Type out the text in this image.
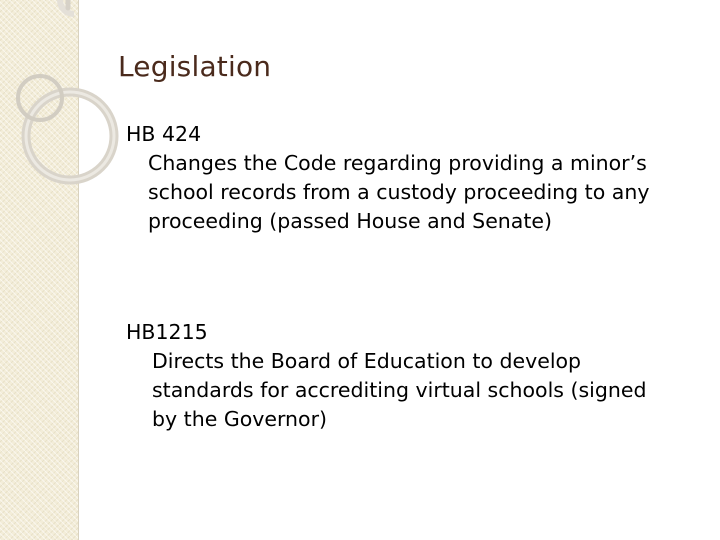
Legislation
HB 424
Changes the Code regarding providing a minor’s school records from a custody proceeding to any proceeding (passed House and Senate)
HB1215
Directs the Board of Education to develop standards for accrediting virtual schools (signed by the Governor)
